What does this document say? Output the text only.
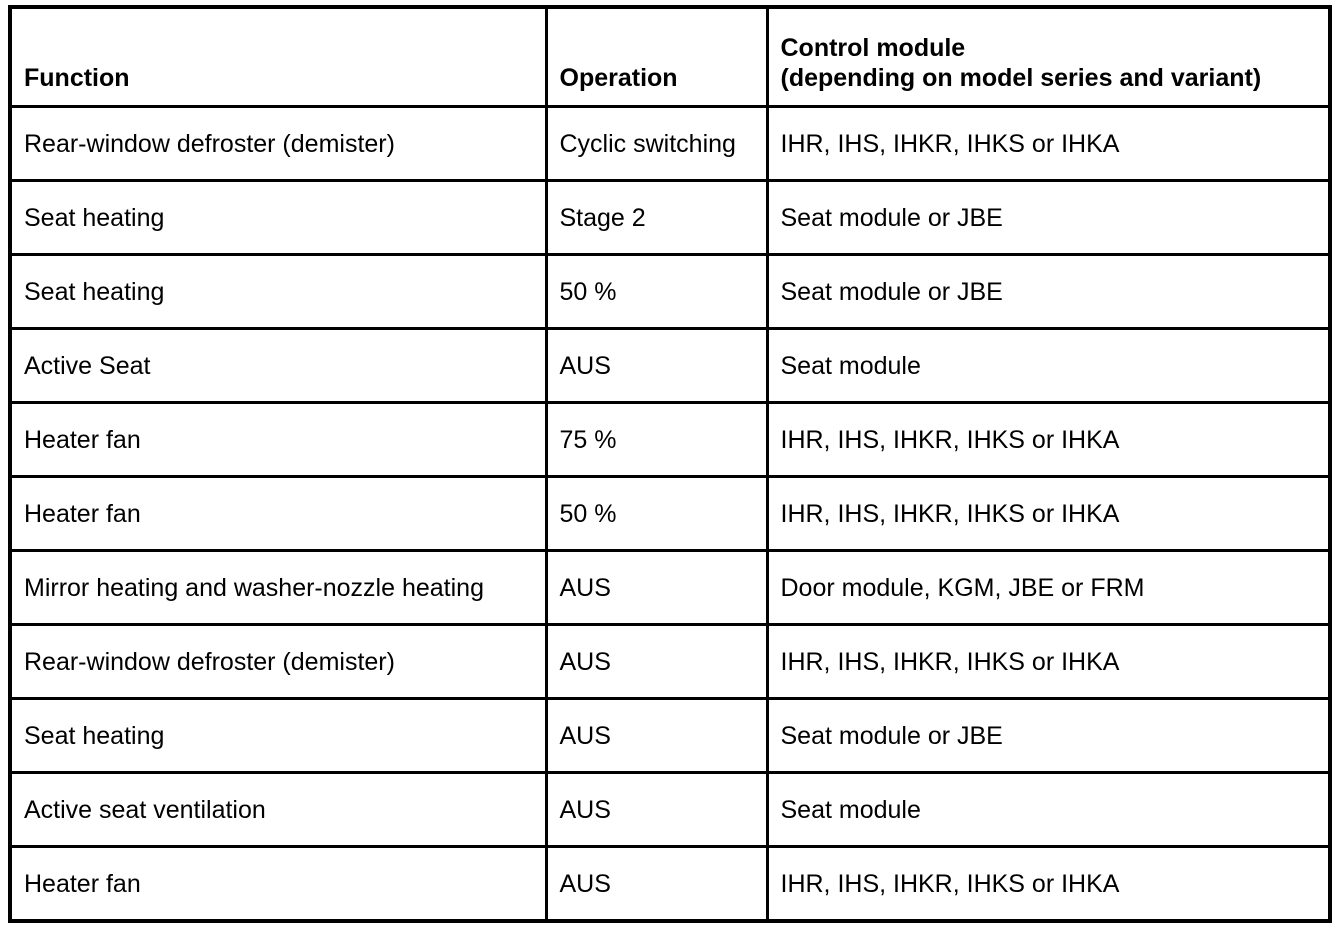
Function	Operation	Control module
(depending on model series and variant)

Rear-window defroster (demister)	Cyclic switching	IHR, IHS, IHKR, IHKS or IHKA
Seat heating	Stage 2	Seat module or JBE
Seat heating	50 %	Seat module or JBE
Active Seat	AUS	Seat module
Heater fan	75 %	IHR, IHS, IHKR, IHKS or IHKA
Heater fan	50 %	IHR, IHS, IHKR, IHKS or IHKA
Mirror heating and washer-nozzle heating	AUS	Door module, KGM, JBE or FRM
Rear-window defroster (demister)	AUS	IHR, IHS, IHKR, IHKS or IHKA
Seat heating	AUS	Seat module or JBE
Active seat ventilation	AUS	Seat module
Heater fan	AUS	IHR, IHS, IHKR, IHKS or IHKA
